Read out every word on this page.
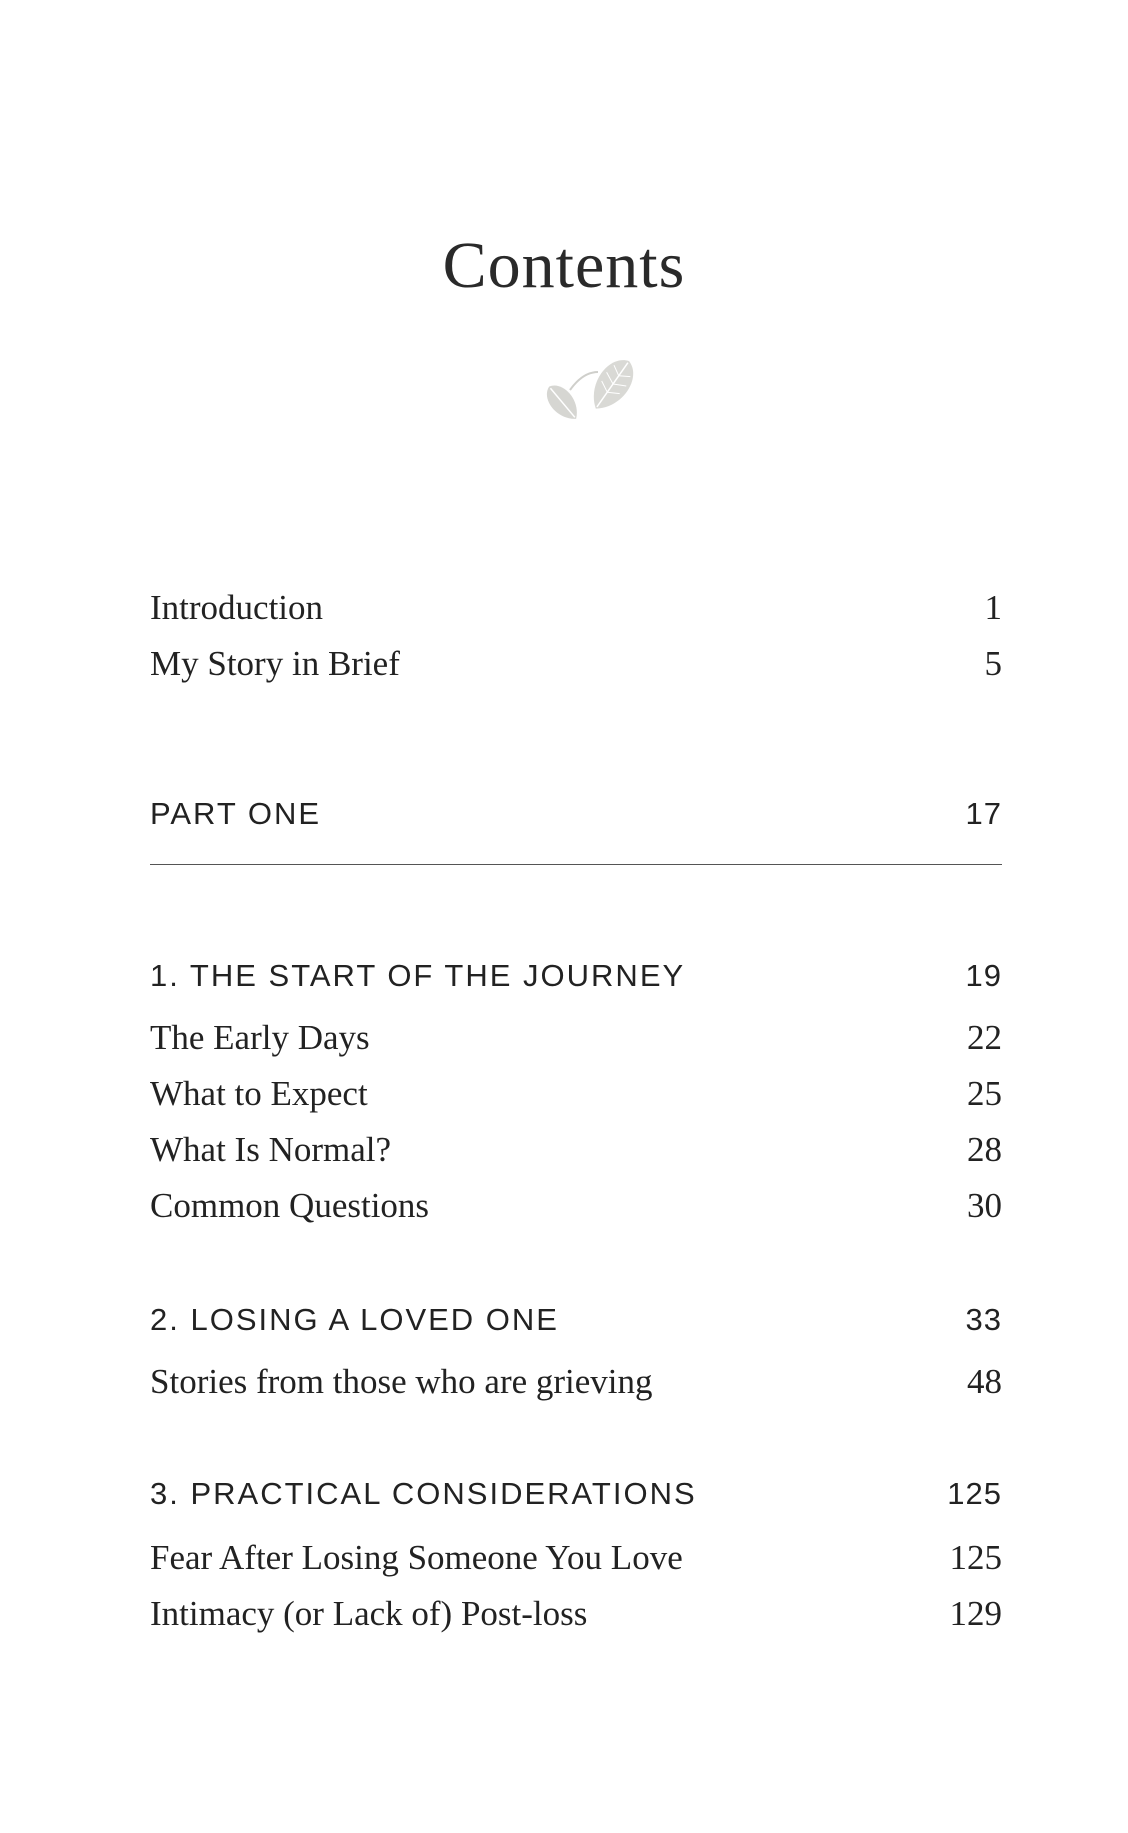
Contents
Introduction	1
My Story in Brief	5
PART ONE	17
1. THE START OF THE JOURNEY	19
The Early Days	22
What to Expect	25
What Is Normal?	28
Common Questions	30
2. LOSING A LOVED ONE	33
Stories from those who are grieving	48
3. PRACTICAL CONSIDERATIONS	125
Fear After Losing Someone You Love	125
Intimacy (or Lack of) Post-loss	129
